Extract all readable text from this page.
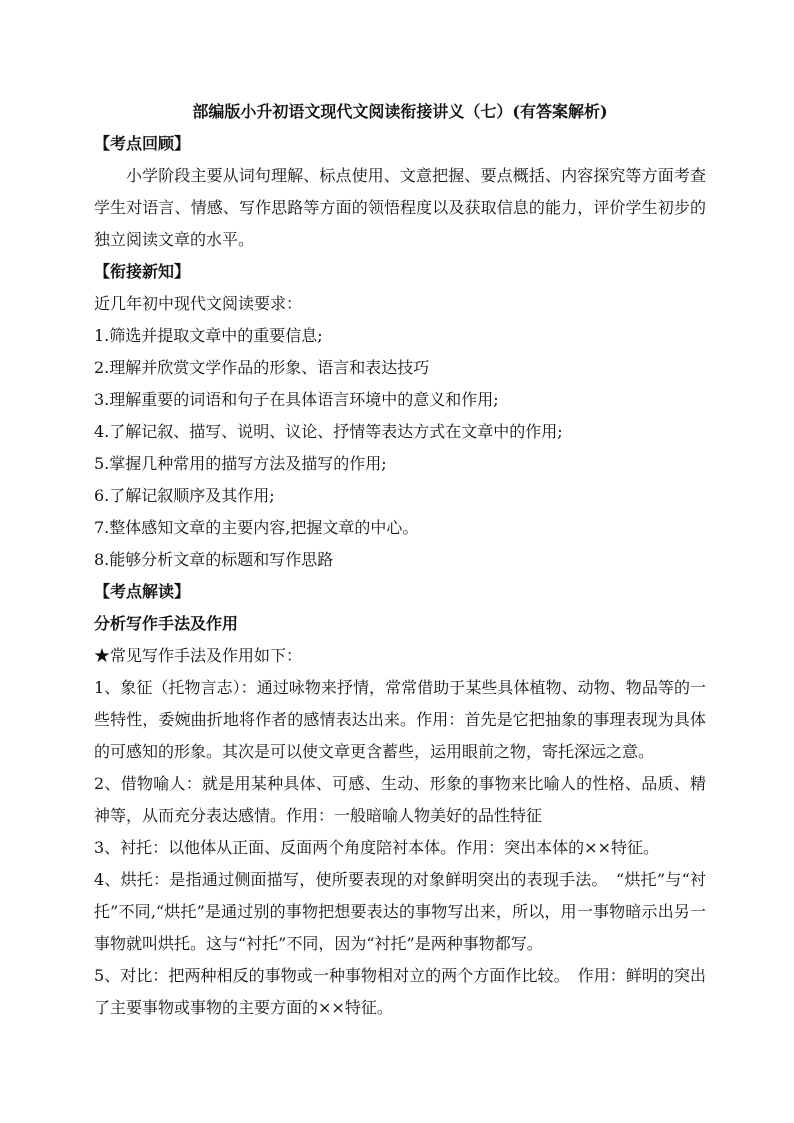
部编版小升初语文现代文阅读衔接讲义（七）(有答案解析)

【考点回顾】

小学阶段主要从词句理解、标点使用、文意把握、要点概括、内容探究等方面考查学生对语言、情感、写作思路等方面的领悟程度以及获取信息的能力，评价学生初步的独立阅读文章的水平。

【衔接新知】

近几年初中现代文阅读要求：

1.筛选并提取文章中的重要信息;

2.理解并欣赏文学作品的形象、语言和表达技巧

3.理解重要的词语和句子在具体语言环境中的意义和作用;

4.了解记叙、描写、说明、议论、抒情等表达方式在文章中的作用;

5.掌握几种常用的描写方法及描写的作用;

6.了解记叙顺序及其作用;

7.整体感知文章的主要内容,把握文章的中心。

8.能够分析文章的标题和写作思路

【考点解读】

分析写作手法及作用

★常见写作手法及作用如下：

1、象征（托物言志）：通过咏物来抒情，常常借助于某些具体植物、动物、物品等的一些特性，委婉曲折地将作者的感情表达出来。作用：首先是它把抽象的事理表现为具体的可感知的形象。其次是可以使文章更含蓄些，运用眼前之物，寄托深远之意。

2、借物喻人：就是用某种具体、可感、生动、形象的事物来比喻人的性格、品质、精神等，从而充分表达感情。作用：一般暗喻人物美好的品性特征

3、衬托：以他体从正面、反面两个角度陪衬本体。作用：突出本体的××特征。

4、烘托：是指通过侧面描写，使所要表现的对象鲜明突出的表现手法。　“烘托”与“衬托”不同,“烘托”是通过别的事物把想要表达的事物写出来，所以，用一事物暗示出另一事物就叫烘托。这与“衬托”不同，因为“衬托”是两种事物都写。

5、对比：把两种相反的事物或一种事物相对立的两个方面作比较。　作用：鲜明的突出了主要事物或事物的主要方面的××特征。
